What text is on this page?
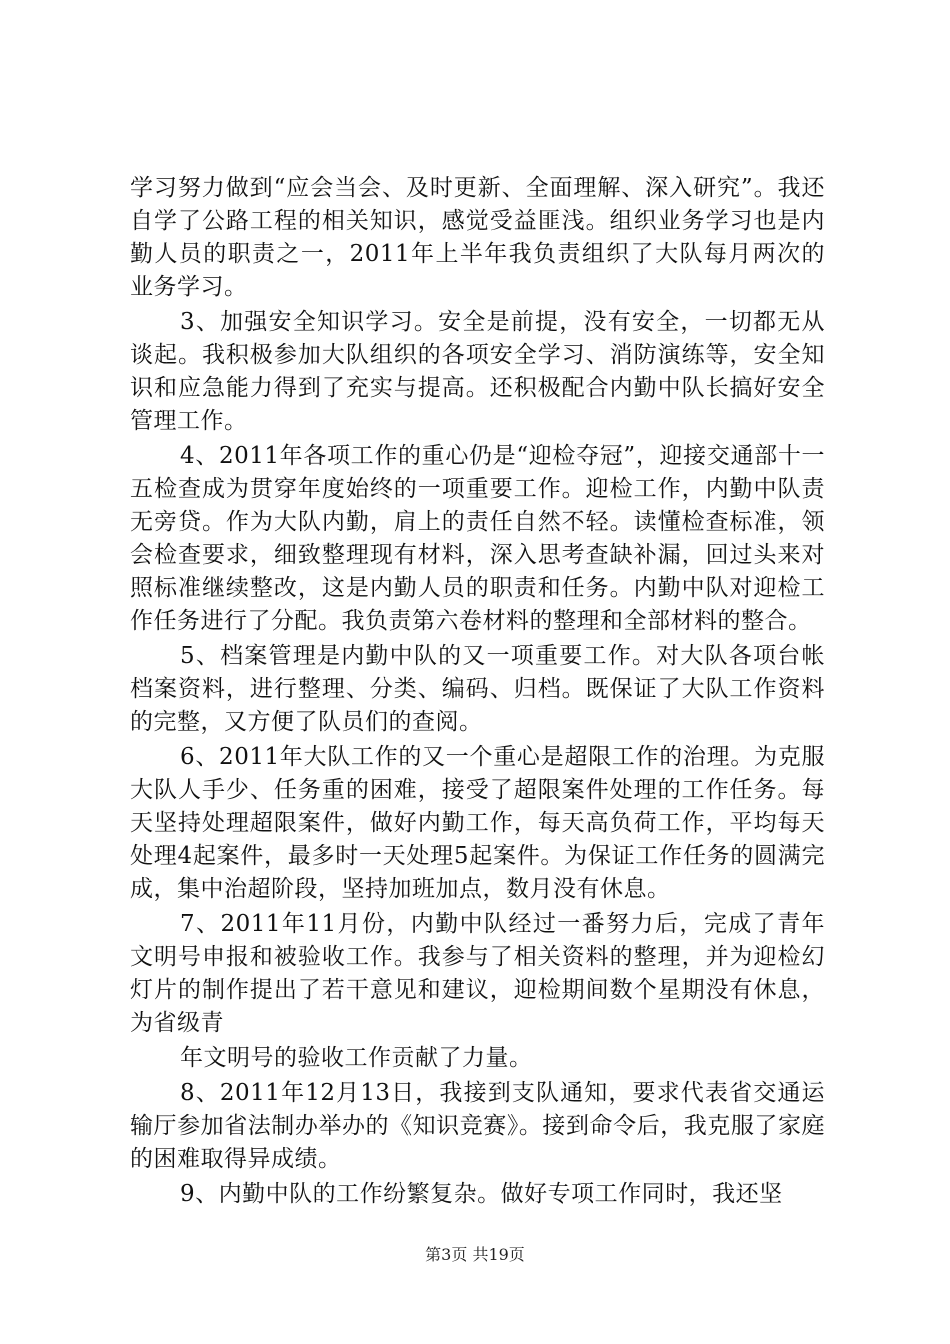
学习努力做到“应会当会、及时更新、全面理解、深入研究”。我还自学了公路工程的相关知识，感觉受益匪浅。组织业务学习也是内勤人员的职责之一，2011年上半年我负责组织了大队每月两次的业务学习。

3、加强安全知识学习。安全是前提，没有安全，一切都无从谈起。我积极参加大队组织的各项安全学习、消防演练等，安全知识和应急能力得到了充实与提高。还积极配合内勤中队长搞好安全管理工作。

4、2011年各项工作的重心仍是“迎检夺冠”，迎接交通部十一五检查成为贯穿年度始终的一项重要工作。迎检工作，内勤中队责无旁贷。作为大队内勤，肩上的责任自然不轻。读懂检查标准，领会检查要求，细致整理现有材料，深入思考查缺补漏，回过头来对照标准继续整改，这是内勤人员的职责和任务。内勤中队对迎检工作任务进行了分配。我负责第六卷材料的整理和全部材料的整合。

5、档案管理是内勤中队的又一项重要工作。对大队各项台帐档案资料，进行整理、分类、编码、归档。既保证了大队工作资料的完整，又方便了队员们的查阅。

6、2011年大队工作的又一个重心是超限工作的治理。为克服大队人手少、任务重的困难，接受了超限案件处理的工作任务。每天坚持处理超限案件，做好内勤工作，每天高负荷工作，平均每天处理4起案件，最多时一天处理5起案件。为保证工作任务的圆满完成，集中治超阶段，坚持加班加点，数月没有休息。

7、2011年11月份，内勤中队经过一番努力后，完成了青年文明号申报和被验收工作。我参与了相关资料的整理，并为迎检幻灯片的制作提出了若干意见和建议，迎检期间数个星期没有休息，为省级青

年文明号的验收工作贡献了力量。

8、2011年12月13日，我接到支队通知，要求代表省交通运输厅参加省法制办举办的《知识竞赛》。接到命令后，我克服了家庭的困难取得异成绩。

9、内勤中队的工作纷繁复杂。做好专项工作同时，我还坚

第3页 共19页
